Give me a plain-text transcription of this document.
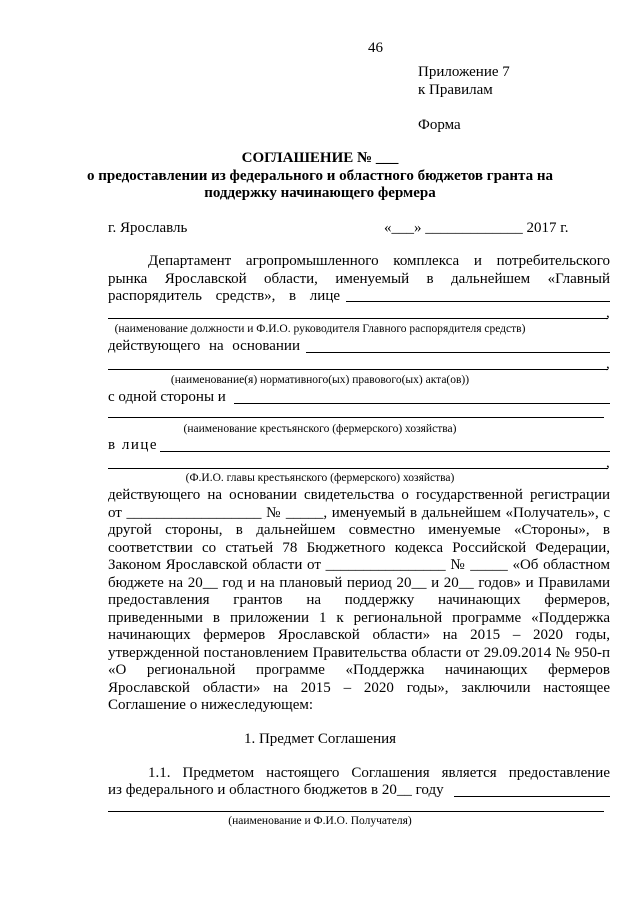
46
Приложение 7
к Правилам
Форма
СОГЛАШЕНИЕ № ___
о предоставлении из федерального и областного бюджетов гранта на
поддержку начинающего фермера
г. Ярославль	«___» _____________ 2017 г.
Департамент агропромышленного комплекса и потребительского
рынка Ярославской области, именуемый в дальнейшем «Главный
распорядитель средств», в лице
,
(наименование должности и Ф.И.О. руководителя Главного распорядителя средств)
действующего на основании
,
(наименование(я) нормативного(ых) правового(ых) акта(ов))
с одной стороны и
(наименование крестьянского (фермерского) хозяйства)
в лице
,
(Ф.И.О. главы крестьянского (фермерского) хозяйства)
действующего на основании свидетельства о государственной регистрации
от __________________ № _____, именуемый в дальнейшем «Получатель», с
другой стороны, в дальнейшем совместно именуемые «Стороны», в
соответствии со статьей 78 Бюджетного кодекса Российской Федерации,
Законом Ярославской области от ________________ № _____ «Об областном
бюджете на 20__ год и на плановый период 20__ и 20__ годов» и Правилами
предоставления грантов на поддержку начинающих фермеров,
приведенными в приложении 1 к региональной программе «Поддержка
начинающих фермеров Ярославской области» на 2015 – 2020 годы,
утвержденной постановлением Правительства области от 29.09.2014 № 950-п
«О региональной программе «Поддержка начинающих фермеров
Ярославской области» на 2015 – 2020 годы», заключили настоящее
Соглашение о нижеследующем:
1. Предмет Соглашения
1.1. Предметом настоящего Соглашения является предоставление
из федерального и областного бюджетов в 20__ году
(наименование и Ф.И.О. Получателя)
